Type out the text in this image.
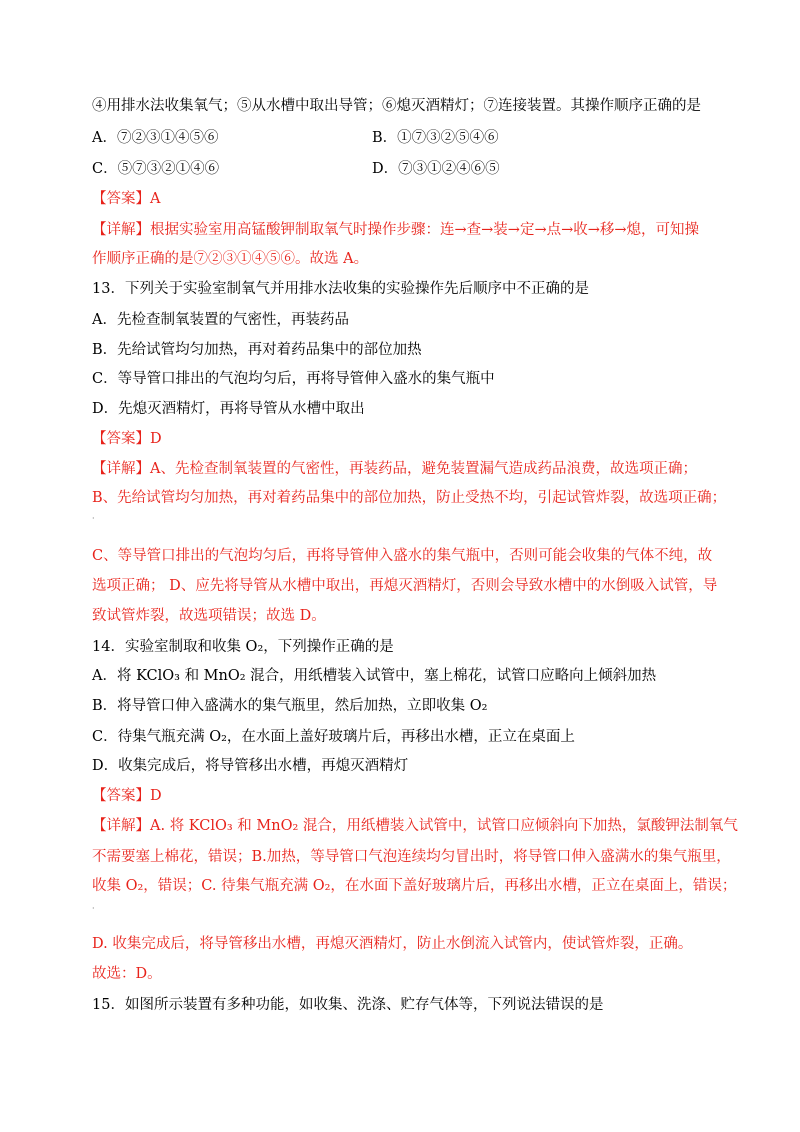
④用排水法收集氧气；⑤从水槽中取出导管；⑥熄灭酒精灯；⑦连接装置。其操作顺序正确的是
A．⑦②③①④⑤⑥	B．①⑦③②⑤④⑥
C．⑤⑦③②①④⑥	D．⑦③①②④⑥⑤
【答案】A
【详解】根据实验室用高锰酸钾制取氧气时操作步骤：连→查→装→定→点→收→移→熄，可知操
作顺序正确的是⑦②③①④⑤⑥。故选 A。
13．下列关于实验室制氧气并用排水法收集的实验操作先后顺序中不正确的是
A．先检查制氧装置的气密性，再装药品
B．先给试管均匀加热，再对着药品集中的部位加热
C．等导管口排出的气泡均匀后，再将导管伸入盛水的集气瓶中
D．先熄灭酒精灯，再将导管从水槽中取出
【答案】D
【详解】A、先检查制氧装置的气密性，再装药品，避免装置漏气造成药品浪费，故选项正确；
B、先给试管均匀加热，再对着药品集中的部位加热，防止受热不均，引起试管炸裂，故选项正确；
·
C、等导管口排出的气泡均匀后，再将导管伸入盛水的集气瓶中，否则可能会收集的气体不纯，故
选项正确； D、应先将导管从水槽中取出，再熄灭酒精灯，否则会导致水槽中的水倒吸入试管，导
致试管炸裂，故选项错误；故选 D。
14．实验室制取和收集 O₂，下列操作正确的是
A．将 KClO₃ 和 MnO₂ 混合，用纸槽装入试管中，塞上棉花，试管口应略向上倾斜加热
B．将导管口伸入盛满水的集气瓶里，然后加热，立即收集 O₂
C．待集气瓶充满 O₂，在水面上盖好玻璃片后，再移出水槽，正立在桌面上
D．收集完成后，将导管移出水槽，再熄灭酒精灯
【答案】D
【详解】A. 将 KClO₃ 和 MnO₂ 混合，用纸槽装入试管中，试管口应倾斜向下加热，氯酸钾法制氧气
不需要塞上棉花，错误；B.加热，等导管口气泡连续均匀冒出时，将导管口伸入盛满水的集气瓶里，
收集 O₂，错误；C. 待集气瓶充满 O₂，在水面下盖好玻璃片后，再移出水槽，正立在桌面上，错误；
·
D. 收集完成后，将导管移出水槽，再熄灭酒精灯，防止水倒流入试管内，使试管炸裂，正确。
故选：D。
15．如图所示装置有多种功能，如收集、洗涤、贮存气体等，下列说法错误的是
